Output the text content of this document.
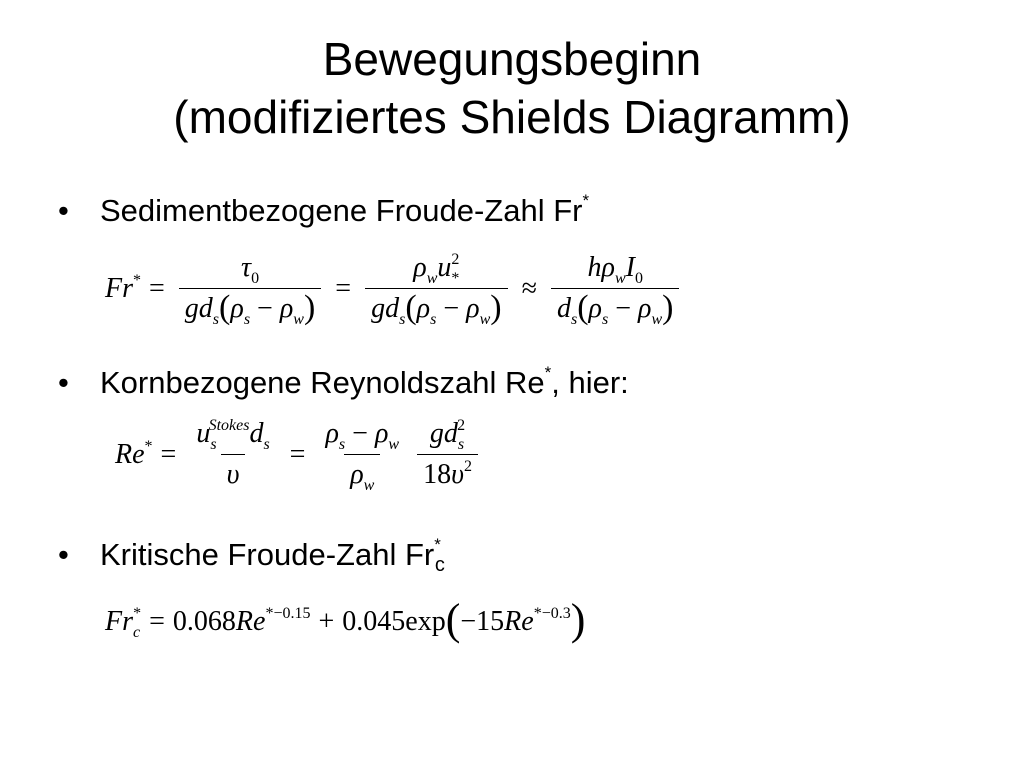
Bewegungsbeginn
(modifiziertes Shields Diagramm)
• Sedimentbezogene Froude-Zahl Fr*
$Fr^* = \frac{\tau_0}{gd_s(\rho_s - \rho_w)} = \frac{\rho_wu_*^2}{gd_s(\rho_s - \rho_w)} \approx \frac{h\rho_wI_0}{d_s(\rho_s - \rho_w)}$
• Kornbezogene Reynoldszahl Re*, hier:
$Re^* = \frac{u_s^{Stokes}d_s}{\upsilon} = \frac{\rho_s - \rho_w}{\rho_w} \frac{gd_s^2}{18\upsilon^2}$
• Kritische Froude-Zahl $Fr^*_c$
$Fr_c^* = 0.068Re^{*-0.15} + 0.045\exp(-15Re^{*-0.3})$
